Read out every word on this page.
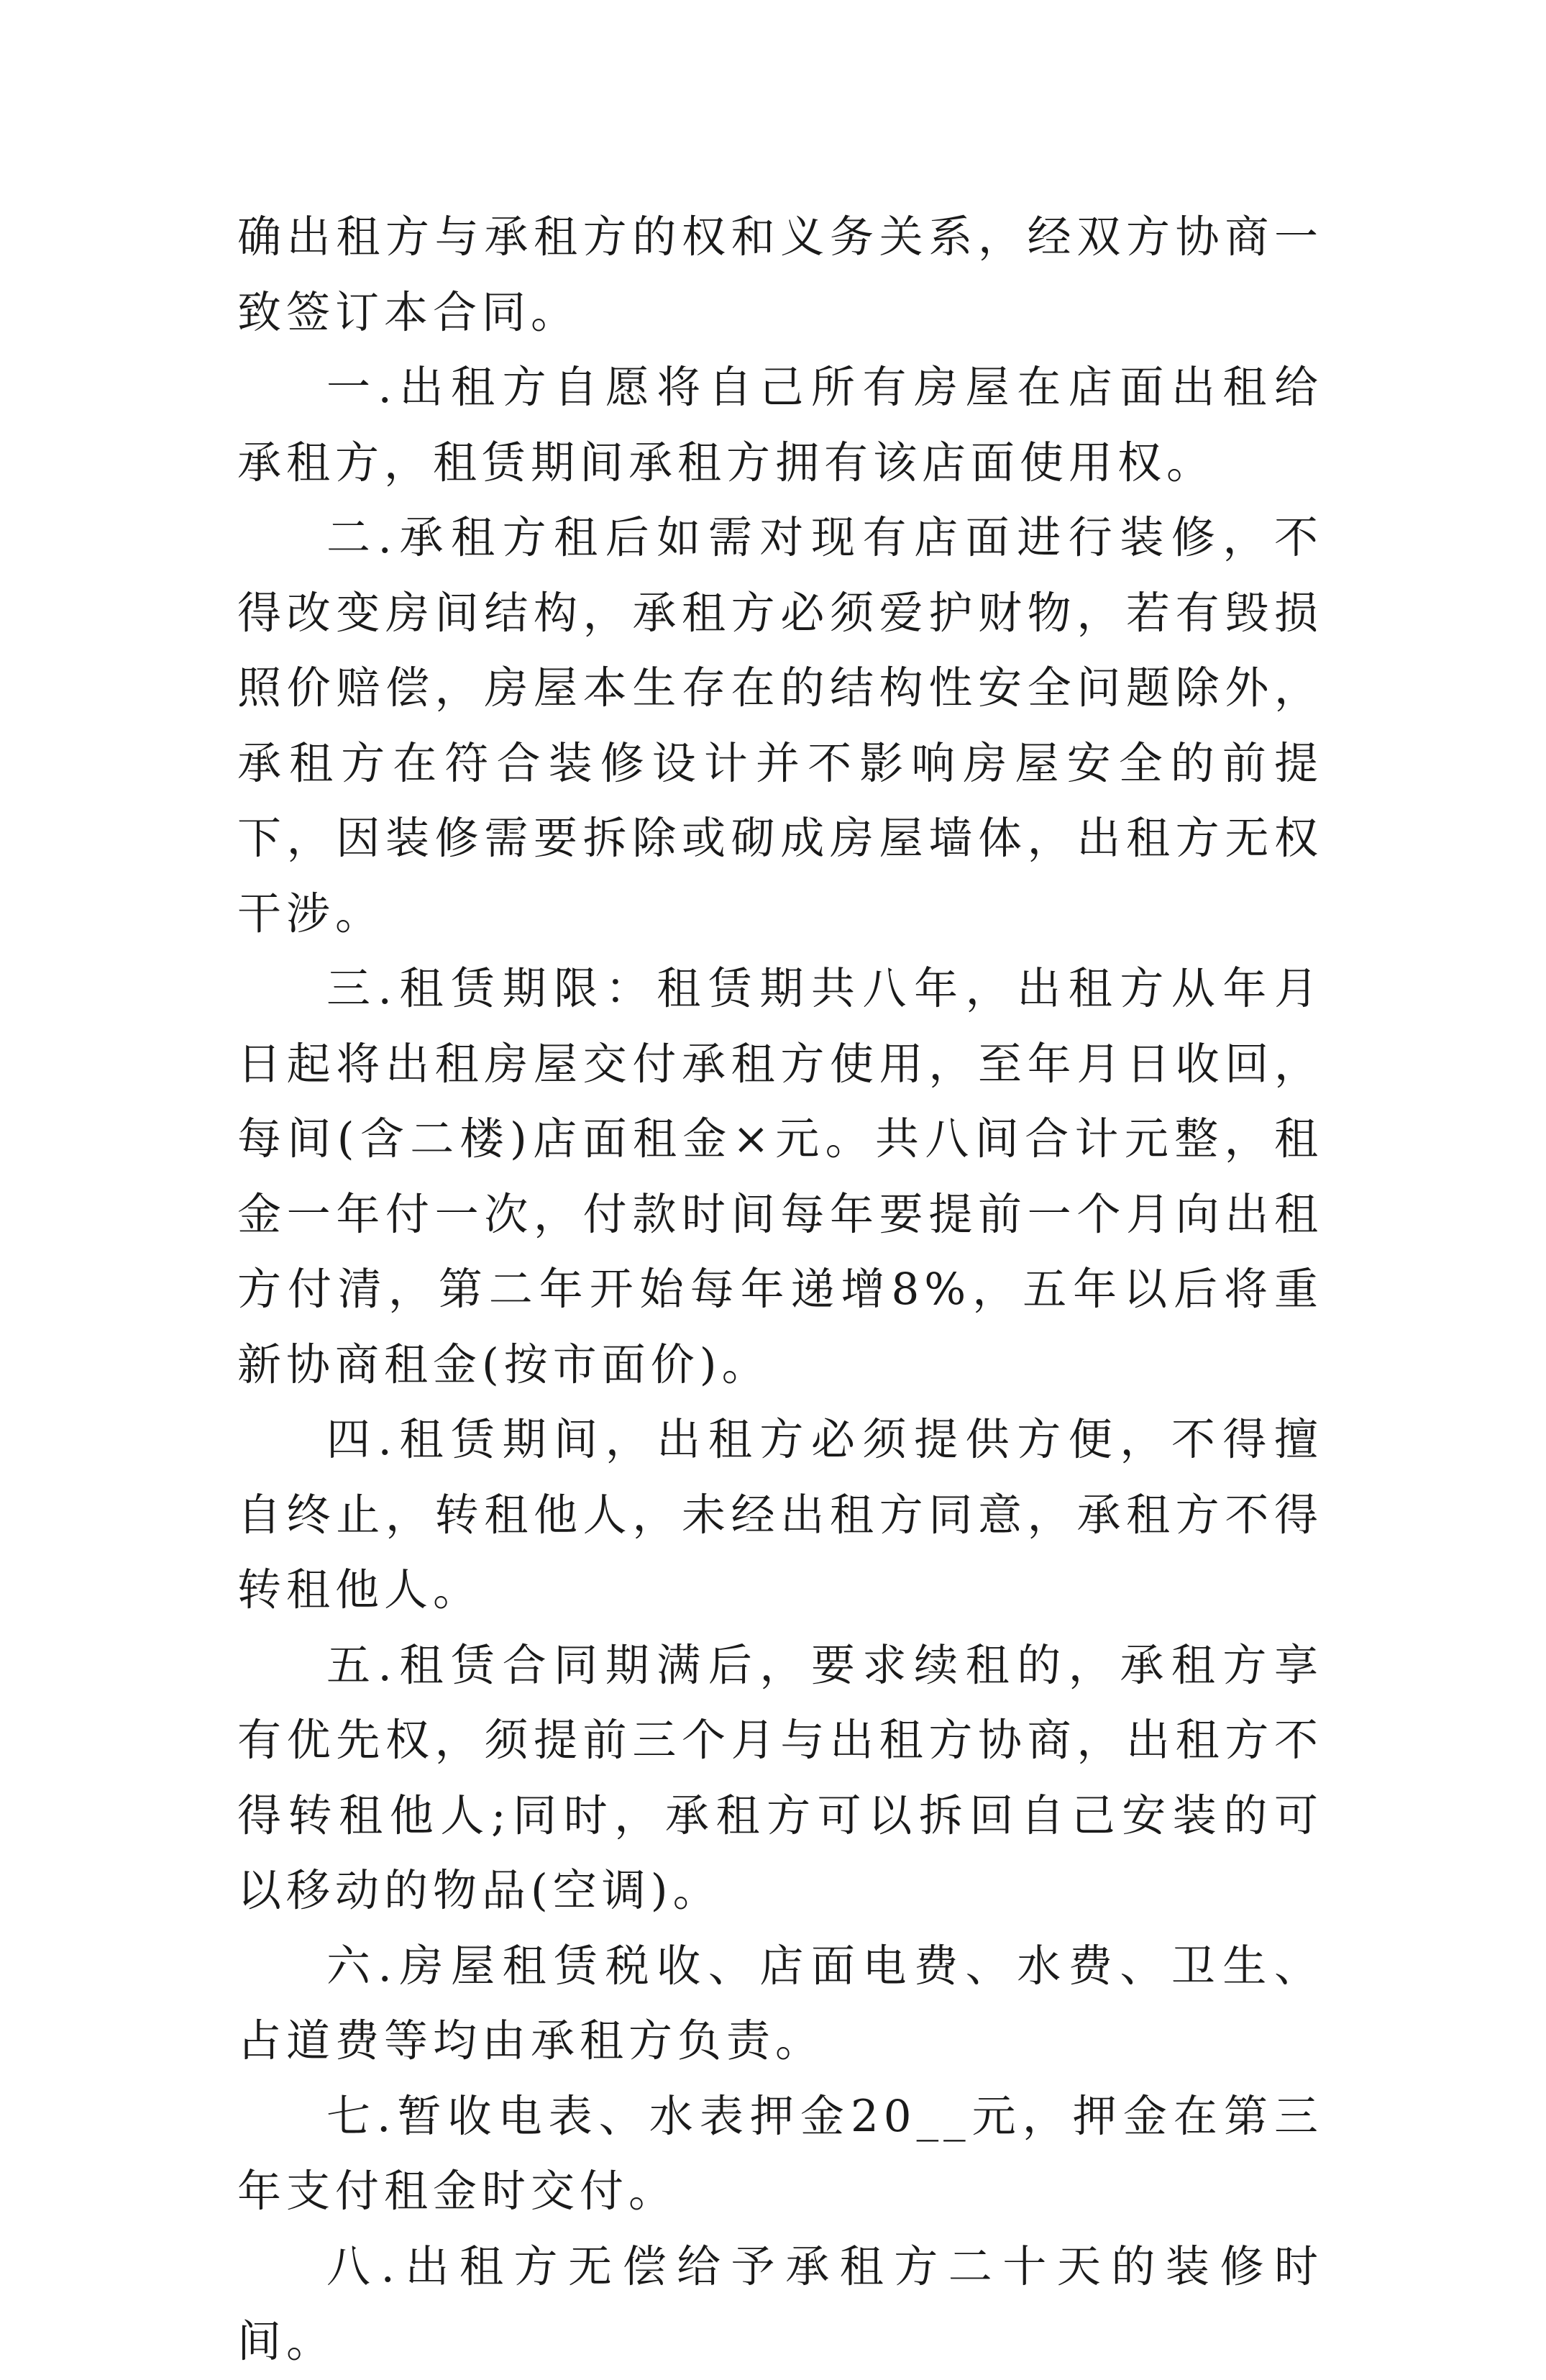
确出租方与承租方的权和义务关系，经双方协商一致签订本合同。

一.出租方自愿将自己所有房屋在店面出租给承租方，租赁期间承租方拥有该店面使用权。

二.承租方租后如需对现有店面进行装修，不得改变房间结构，承租方必须爱护财物，若有毁损照价赔偿，房屋本生存在的结构性安全问题除外，承租方在符合装修设计并不影响房屋安全的前提下，因装修需要拆除或砌成房屋墙体，出租方无权干涉。

三.租赁期限：租赁期共八年，出租方从年月日起将出租房屋交付承租方使用，至年月日收回，每间(含二楼)店面租金×元。共八间合计元整，租金一年付一次，付款时间每年要提前一个月向出租方付清，第二年开始每年递增8%，五年以后将重新协商租金(按市面价)。

四.租赁期间，出租方必须提供方便，不得擅自终止，转租他人，未经出租方同意，承租方不得转租他人。

五.租赁合同期满后，要求续租的，承租方享有优先权，须提前三个月与出租方协商，出租方不得转租他人;同时，承租方可以拆回自己安装的可以移动的物品(空调)。

六.房屋租赁税收、店面电费、水费、卫生、占道费等均由承租方负责。

七.暂收电表、水表押金20__元，押金在第三年支付租金时交付。

八.出租方无偿给予承租方二十天的装修时间。
